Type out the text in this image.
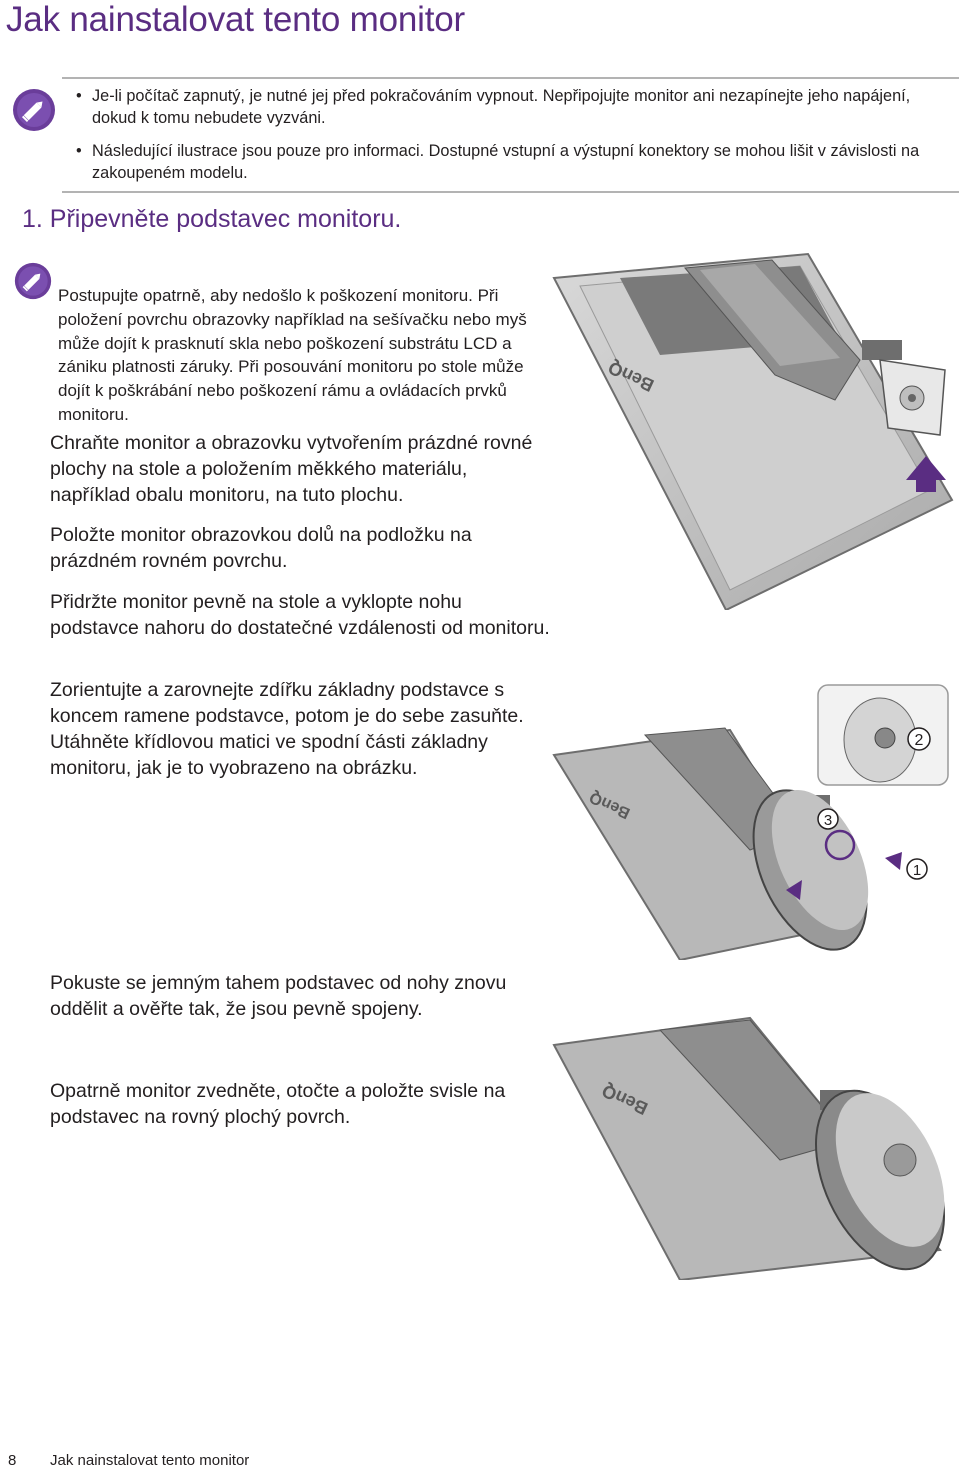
Jak nainstalovat tento monitor
• Je-li počítač zapnutý, je nutné jej před pokračováním vypnout. Nepřipojujte monitor ani nezapínejte jeho napájení, dokud k tomu nebudete vyzváni.
• Následující ilustrace jsou pouze pro informaci. Dostupné vstupní a výstupní konektory se mohou lišit v závislosti na zakoupeném modelu.
1. Připevněte podstavec monitoru.

Postupujte opatrně, aby nedošlo k poškození monitoru. Při položení povrchu obrazovky například na sešívačku nebo myš může dojít k prasknutí skla nebo poškození substrátu LCD a zániku platnosti záruky. Při posouvání monitoru po stole může dojít k poškrábání nebo poškození rámu a ovládacích prvků monitoru.

Chraňte monitor a obrazovku vytvořením prázdné rovné plochy na stole a položením měkkého materiálu, například obalu monitoru, na tuto plochu.

Položte monitor obrazovkou dolů na podložku na prázdném rovném povrchu.

Přidržte monitor pevně na stole a vyklopte nohu podstavce nahoru do dostatečné vzdálenosti od monitoru.

Zorientujte a zarovnejte zdířku základny podstavce s koncem ramene podstavce, potom je do sebe zasuňte. Utáhněte křídlovou matici ve spodní části základny monitoru, jak je to vyobrazeno na obrázku.

Pokuste se jemným tahem podstavec od nohy znovu oddělit a ověřte tak, že jsou pevně spojeny.

Opatrně monitor zvedněte, otočte a položte svisle na podstavec na rovný plochý povrch.

BenQ
BenQ
2
3
1
BenQ
8 Jak nainstalovat tento monitor
